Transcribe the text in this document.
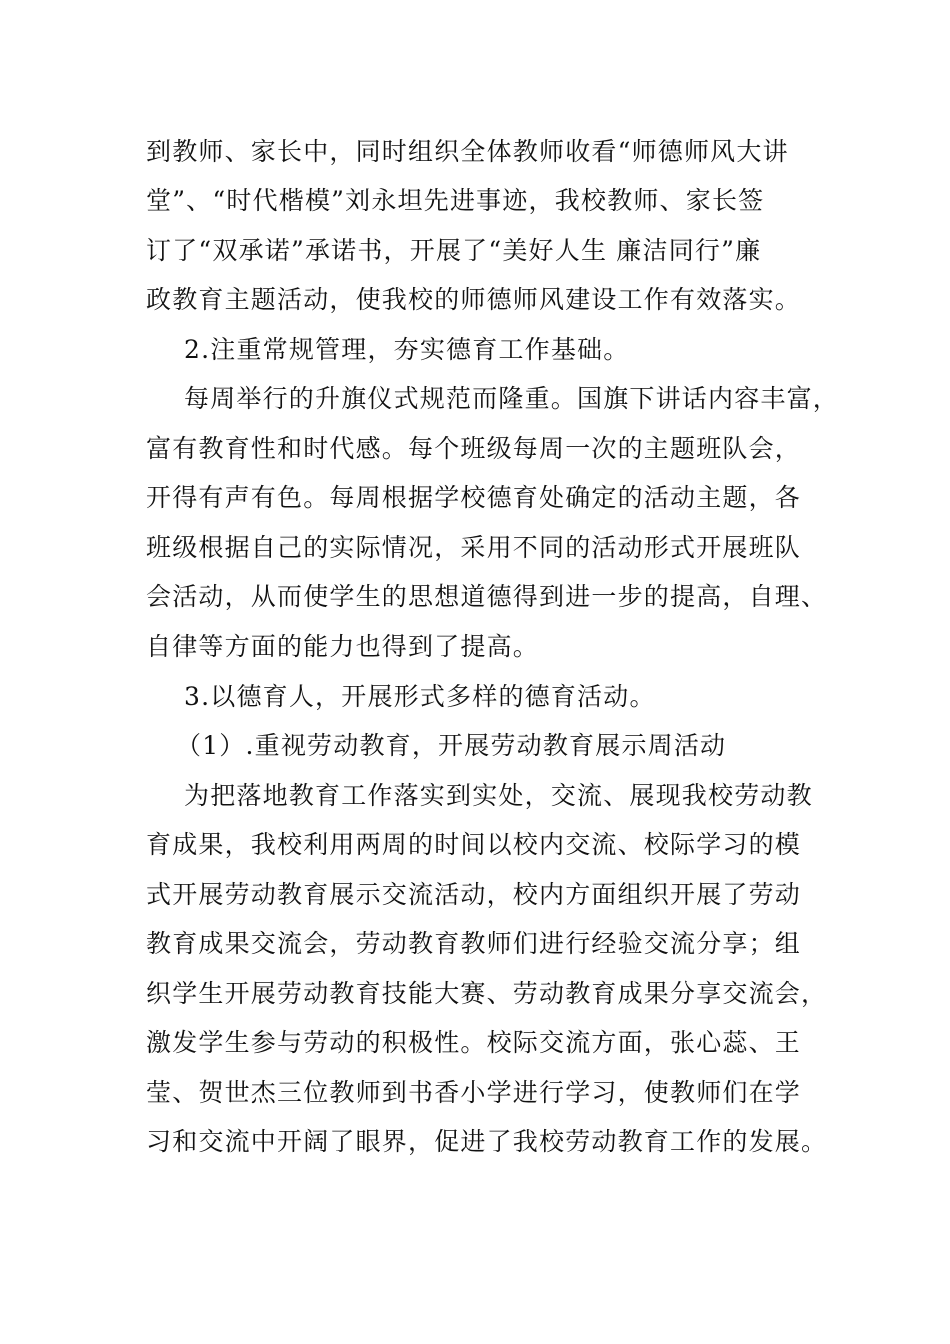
到教师、家长中，同时组织全体教师收看“师德师风大讲
堂”、“时代楷模”刘永坦先进事迹，我校教师、家长签
订了“双承诺”承诺书，开展了“美好人生 廉洁同行”廉
政教育主题活动，使我校的师德师风建设工作有效落实。
2.注重常规管理，夯实德育工作基础。
每周举行的升旗仪式规范而隆重。国旗下讲话内容丰富，
富有教育性和时代感。每个班级每周一次的主题班队会，
开得有声有色。每周根据学校德育处确定的活动主题，各
班级根据自己的实际情况，采用不同的活动形式开展班队
会活动，从而使学生的思想道德得到进一步的提高，自理、
自律等方面的能力也得到了提高。
3.以德育人，开展形式多样的德育活动。
（1）.重视劳动教育，开展劳动教育展示周活动
为把落地教育工作落实到实处，交流、展现我校劳动教
育成果，我校利用两周的时间以校内交流、校际学习的模
式开展劳动教育展示交流活动，校内方面组织开展了劳动
教育成果交流会，劳动教育教师们进行经验交流分享；组
织学生开展劳动教育技能大赛、劳动教育成果分享交流会，
激发学生参与劳动的积极性。校际交流方面，张心蕊、王
莹、贺世杰三位教师到书香小学进行学习，使教师们在学
习和交流中开阔了眼界，促进了我校劳动教育工作的发展。
